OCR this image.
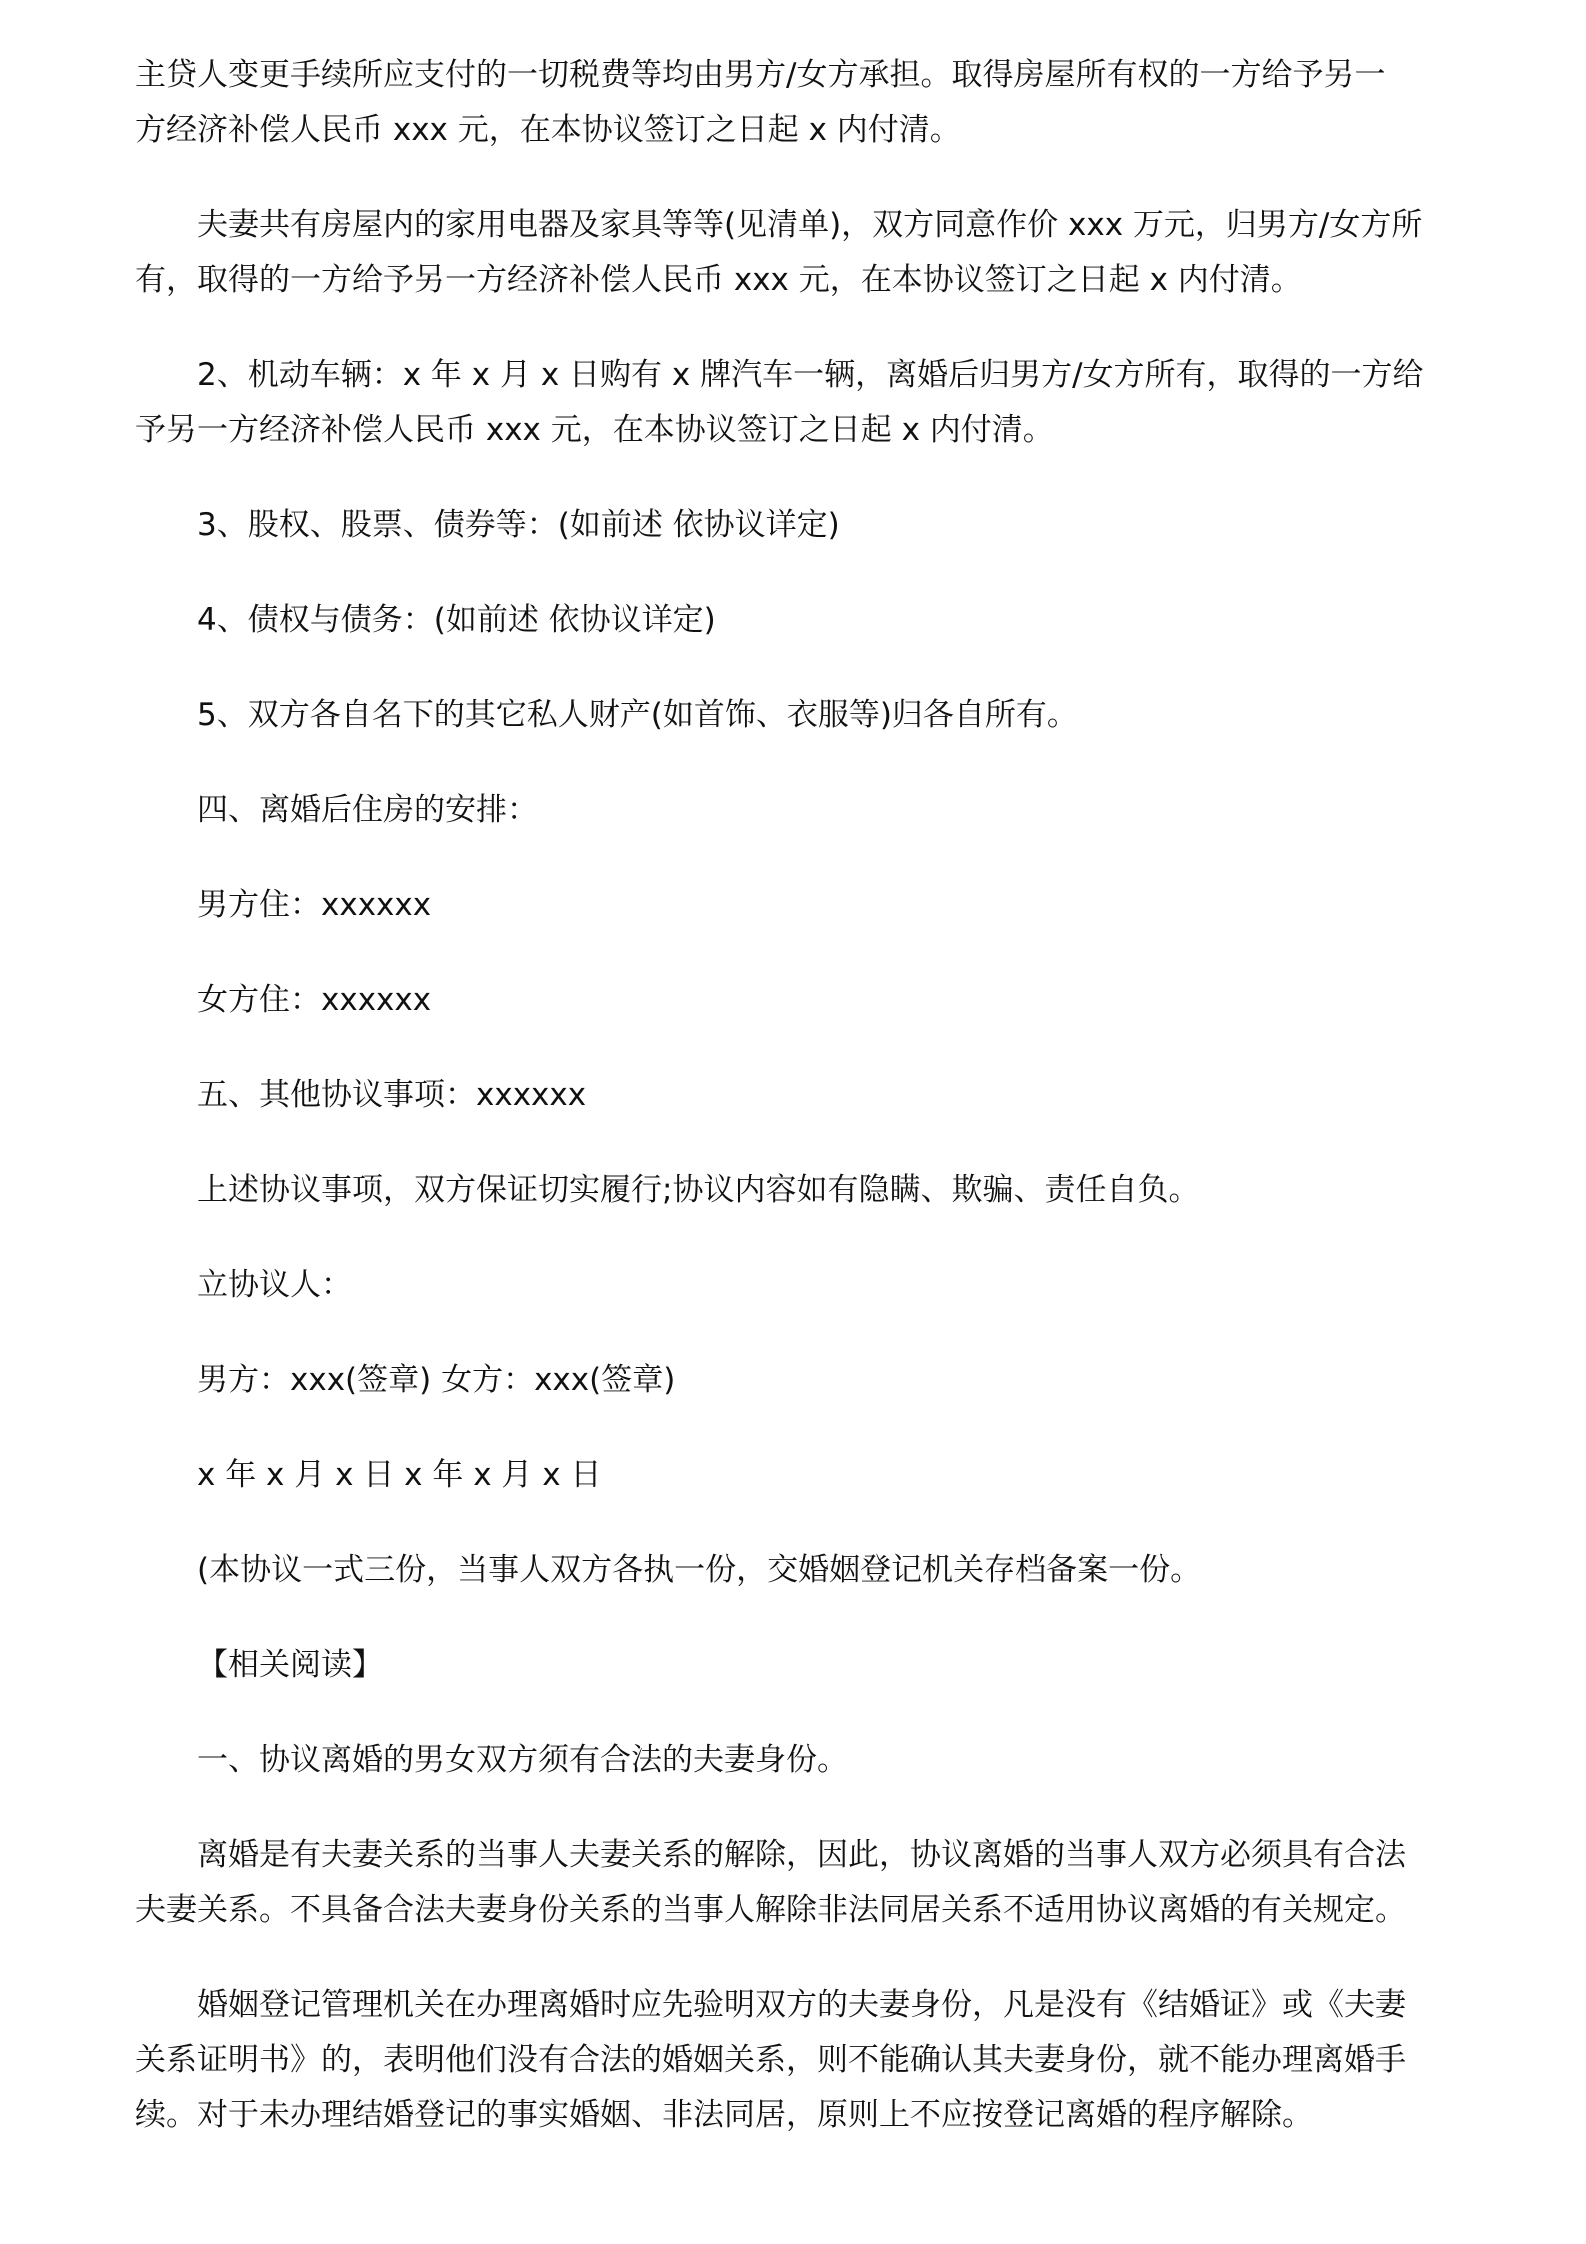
主贷人变更手续所应支付的一切税费等均由男方/女方承担。取得房屋所有权的一方给予另一
方经济补偿人民币 xxx 元，在本协议签订之日起 x 内付清。

夫妻共有房屋内的家用电器及家具等等(见清单)，双方同意作价 xxx 万元，归男方/女方所
有，取得的一方给予另一方经济补偿人民币 xxx 元，在本协议签订之日起 x 内付清。

2、机动车辆：x 年 x 月 x 日购有 x 牌汽车一辆，离婚后归男方/女方所有，取得的一方给
予另一方经济补偿人民币 xxx 元，在本协议签订之日起 x 内付清。

3、股权、股票、债券等：(如前述 依协议详定)

4、债权与债务：(如前述 依协议详定)

5、双方各自名下的其它私人财产(如首饰、衣服等)归各自所有。

四、离婚后住房的安排：

男方住：xxxxxx

女方住：xxxxxx

五、其他协议事项：xxxxxx

上述协议事项，双方保证切实履行;协议内容如有隐瞒、欺骗、责任自负。

立协议人：

男方：xxx(签章) 女方：xxx(签章)

x 年 x 月 x 日 x 年 x 月 x 日

(本协议一式三份，当事人双方各执一份，交婚姻登记机关存档备案一份。

【相关阅读】

一、协议离婚的男女双方须有合法的夫妻身份。

离婚是有夫妻关系的当事人夫妻关系的解除，因此，协议离婚的当事人双方必须具有合法
夫妻关系。不具备合法夫妻身份关系的当事人解除非法同居关系不适用协议离婚的有关规定。

婚姻登记管理机关在办理离婚时应先验明双方的夫妻身份，凡是没有《结婚证》或《夫妻
关系证明书》的，表明他们没有合法的婚姻关系，则不能确认其夫妻身份，就不能办理离婚手
续。对于未办理结婚登记的事实婚姻、非法同居，原则上不应按登记离婚的程序解除。
